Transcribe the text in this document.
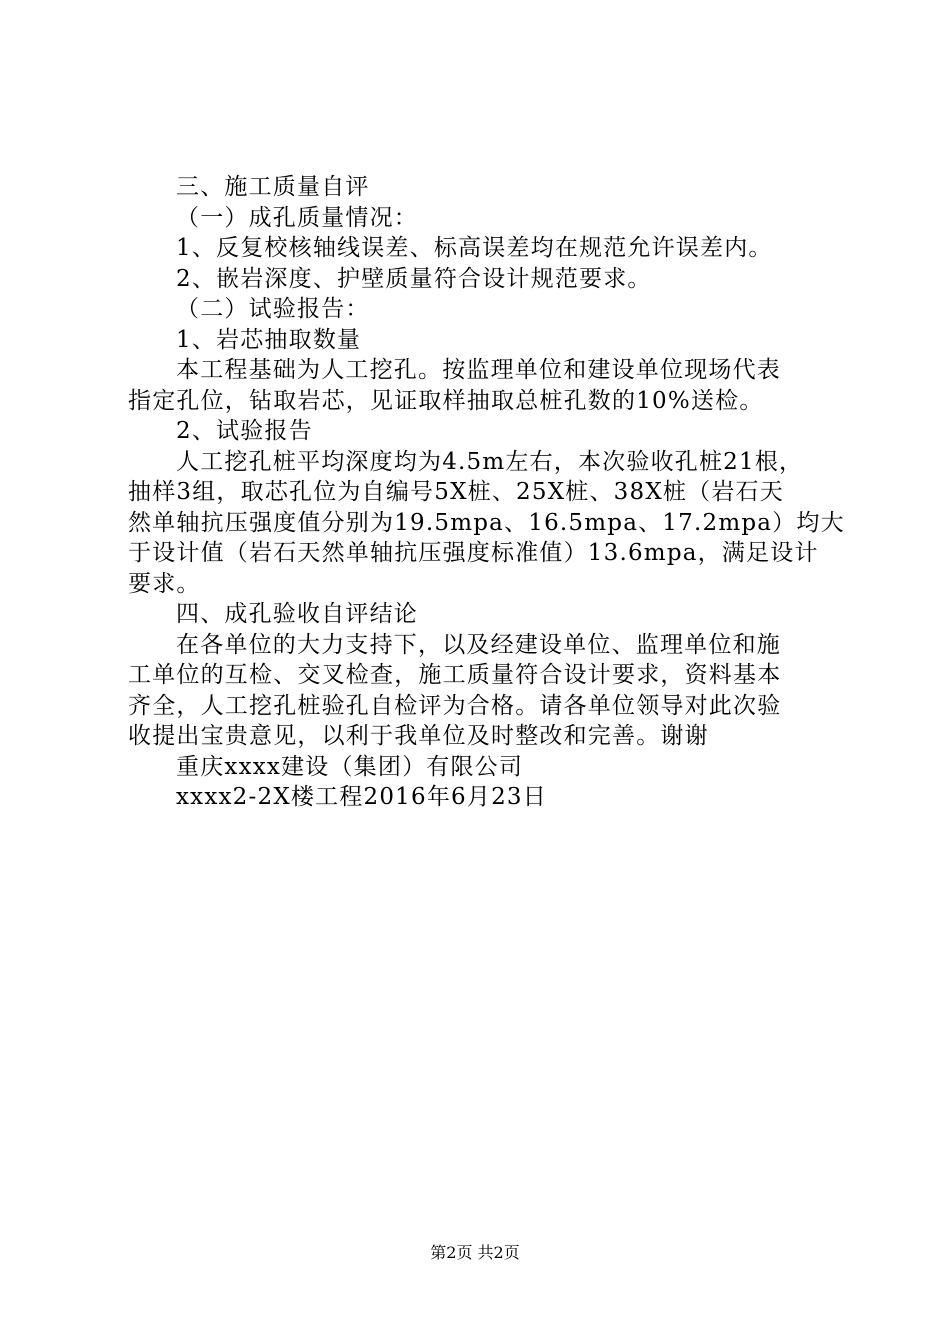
三、施工质量自评
（一）成孔质量情况：
1、反复校核轴线误差、标高误差均在规范允许误差内。
2、嵌岩深度、护壁质量符合设计规范要求。
（二）试验报告：
1、岩芯抽取数量
本工程基础为人工挖孔。按监理单位和建设单位现场代表
指定孔位，钻取岩芯，见证取样抽取总桩孔数的10%送检。
2、试验报告
人工挖孔桩平均深度均为4.5m左右，本次验收孔桩21根，
抽样3组，取芯孔位为自编号5X桩、25X桩、38X桩（岩石天
然单轴抗压强度值分别为19.5mpa、16.5mpa、17.2mpa）均大
于设计值（岩石天然单轴抗压强度标准值）13.6mpa，满足设计
要求。
四、成孔验收自评结论
在各单位的大力支持下，以及经建设单位、监理单位和施
工单位的互检、交叉检查，施工质量符合设计要求，资料基本
齐全，人工挖孔桩验孔自检评为合格。请各单位领导对此次验
收提出宝贵意见，以利于我单位及时整改和完善。谢谢
重庆xxxx建设（集团）有限公司
xxxx2-2X楼工程2016年6月23日
第2页 共2页
